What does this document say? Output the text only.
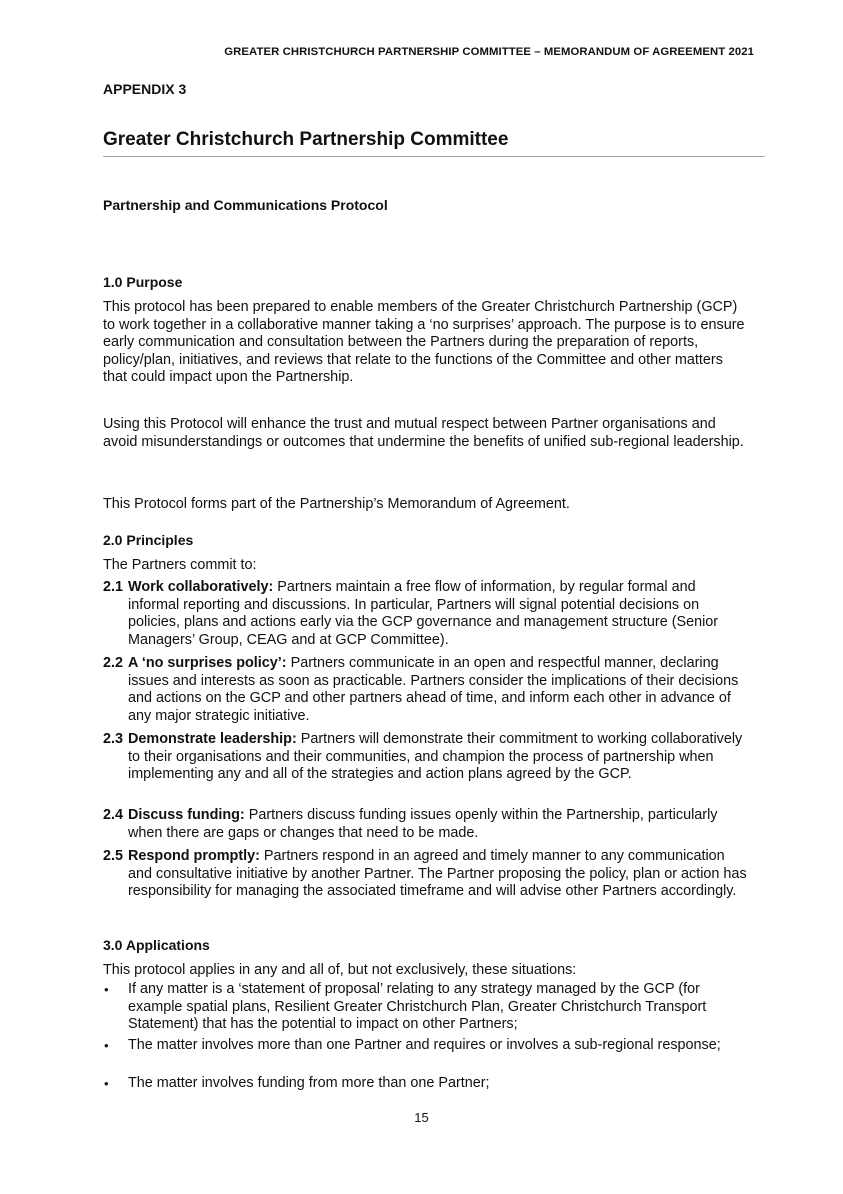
GREATER CHRISTCHURCH PARTNERSHIP COMMITTEE – MEMORANDUM OF AGREEMENT 2021
15
APPENDIX 3
Greater Christchurch Partnership Committee
Partnership and Communications Protocol
1.0 Purpose
This protocol has been prepared to enable members of the Greater Christchurch Partnership (GCP) to work together in a collaborative manner taking a ‘no surprises’ approach. The purpose is to ensure early communication and consultation between the Partners during the preparation of reports, policy/plan, initiatives, and reviews that relate to the functions of the Committee and other matters that could impact upon the Partnership.
Using this Protocol will enhance the trust and mutual respect between Partner organisations and avoid misunderstandings or outcomes that undermine the benefits of unified sub-regional leadership.
This Protocol forms part of the Partnership’s Memorandum of Agreement.
2.0 Principles
The Partners commit to:
2.1 Work collaboratively: Partners maintain a free flow of information, by regular formal and informal reporting and discussions. In particular, Partners will signal potential decisions on policies, plans and actions early via the GCP governance and management structure (Senior Managers’ Group, CEAG and at GCP Committee).
2.2 A ‘no surprises policy’: Partners communicate in an open and respectful manner, declaring issues and interests as soon as practicable. Partners consider the implications of their decisions and actions on the GCP and other partners ahead of time, and inform each other in advance of any major strategic initiative.
2.3 Demonstrate leadership: Partners will demonstrate their commitment to working collaboratively to their organisations and their communities, and champion the process of partnership when implementing any and all of the strategies and action plans agreed by the GCP.
2.4 Discuss funding: Partners discuss funding issues openly within the Partnership, particularly when there are gaps or changes that need to be made.
2.5 Respond promptly: Partners respond in an agreed and timely manner to any communication and consultative initiative by another Partner. The Partner proposing the policy, plan or action has responsibility for managing the associated timeframe and will advise other Partners accordingly.
3.0 Applications
This protocol applies in any and all of, but not exclusively, these situations:
• If any matter is a ‘statement of proposal’ relating to any strategy managed by the GCP (for example spatial plans, Resilient Greater Christchurch Plan, Greater Christchurch Transport Statement) that has the potential to impact on other Partners;
• The matter involves more than one Partner and requires or involves a sub-regional response;
• The matter involves funding from more than one Partner;
